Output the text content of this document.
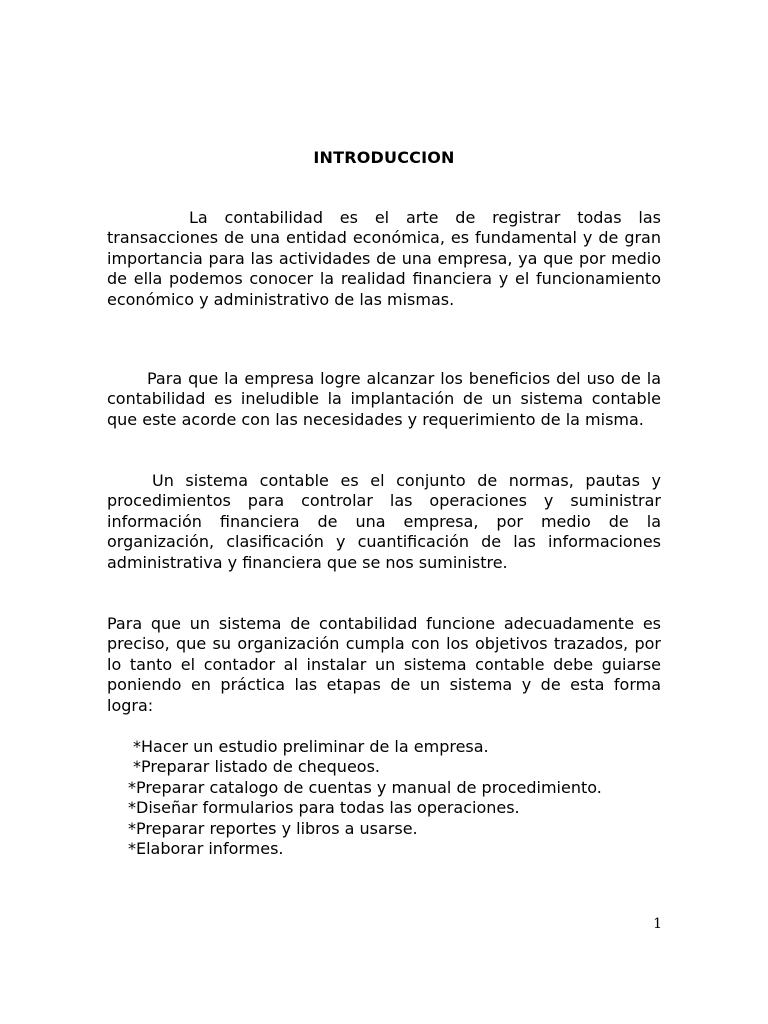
INTRODUCCION

La contabilidad es el arte de registrar todas las transacciones de una entidad económica, es fundamental y de gran importancia para las actividades de una empresa, ya que por medio de ella podemos conocer la realidad financiera y el funcionamiento económico y administrativo de las mismas.

Para que la empresa logre alcanzar los beneficios del uso de la contabilidad es ineludible la implantación de un sistema contable que este acorde con las necesidades y requerimiento de la misma.

Un sistema contable es el conjunto de normas, pautas y procedimientos para controlar las operaciones y suministrar información financiera de una empresa, por medio de la organización, clasificación y cuantificación de las informaciones administrativa y financiera que se nos suministre.

Para que un sistema de contabilidad funcione adecuadamente es preciso, que su organización cumpla con los objetivos trazados, por lo tanto el contador al instalar un sistema contable debe guiarse poniendo en práctica las etapas de un sistema y de esta forma logra:

*Hacer un estudio preliminar de la empresa.
*Preparar listado de chequeos.
*Preparar catalogo de cuentas y manual de procedimiento.
*Diseñar formularios para todas las operaciones.
*Preparar reportes y libros a usarse.
*Elaborar informes.
1
